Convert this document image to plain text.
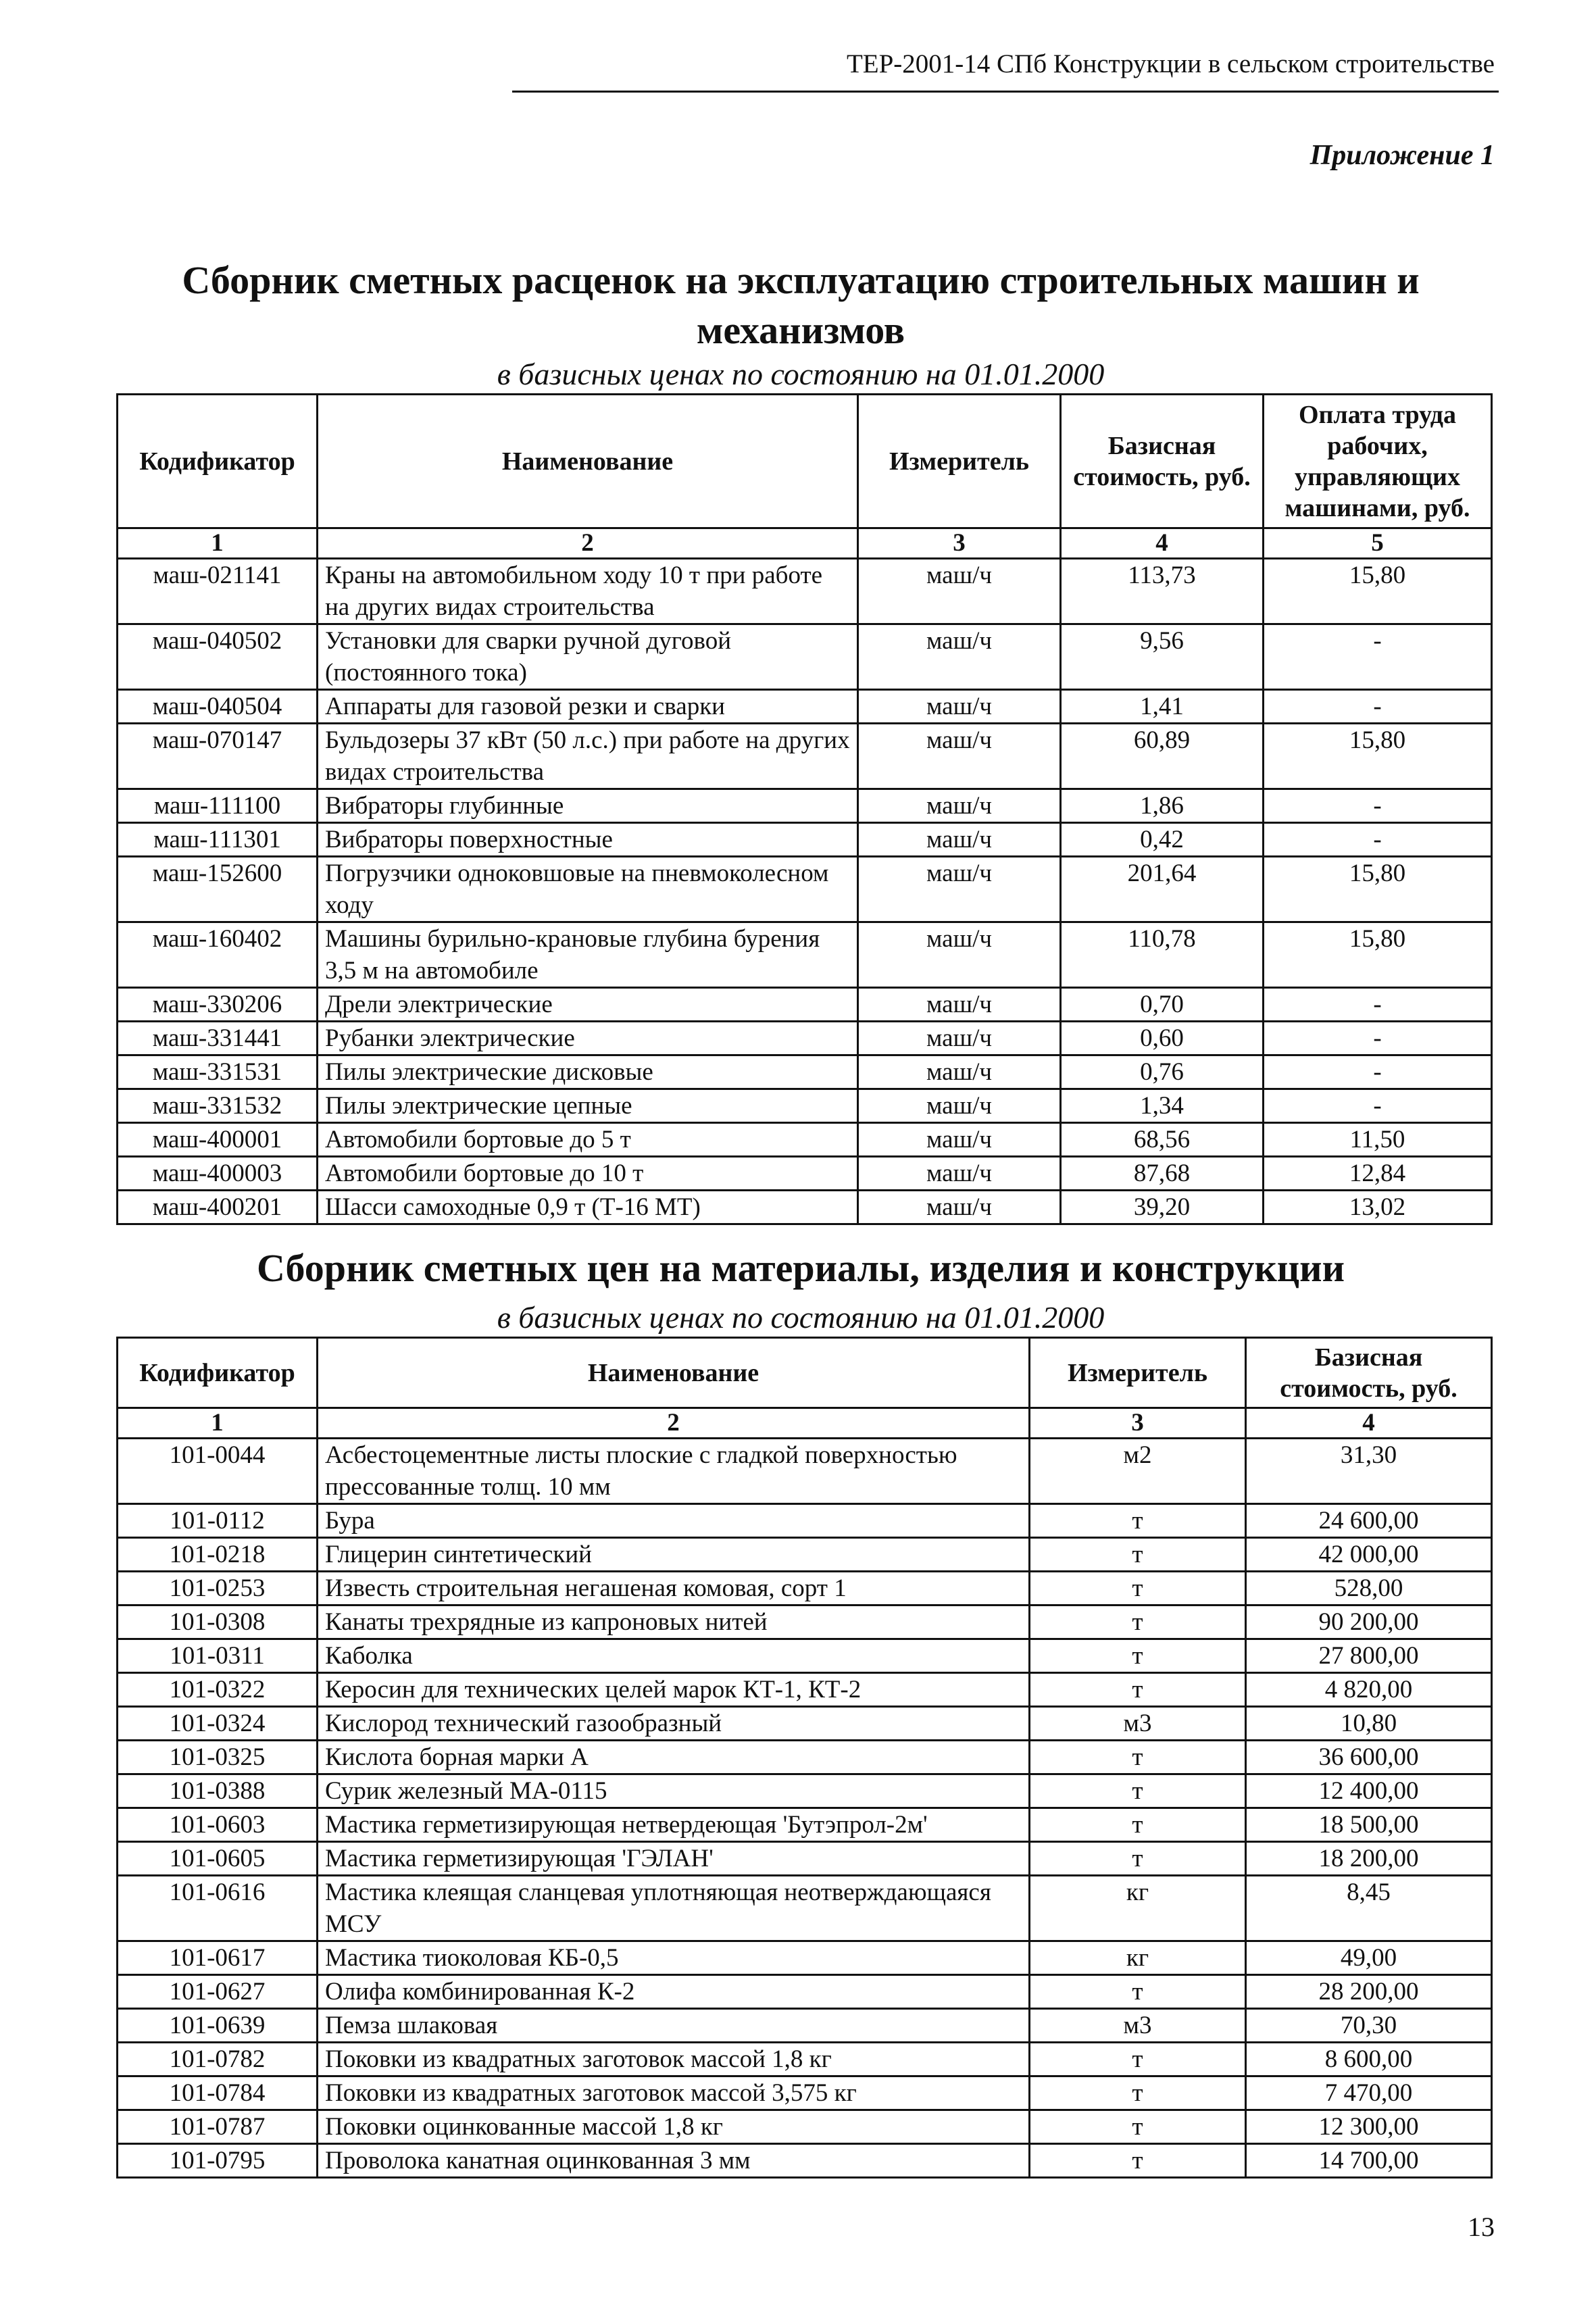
ТЕР-2001-14 СПб Конструкции в сельском строительстве
Приложение 1
Сборник сметных расценок на эксплуатацию строительных машин и
механизмов
в базисных ценах по состоянию на 01.01.2000
Кодификатор	Наименование	Измеритель	Базисная стоимость, руб.	Оплата труда рабочих, управляющих машинами, руб.
1	2	3	4	5
маш-021141	Краны на автомобильном ходу 10 т при работе на других видах строительства	маш/ч	113,73	15,80
маш-040502	Установки для сварки ручной дуговой (постоянного тока)	маш/ч	9,56	-
маш-040504	Аппараты для газовой резки и сварки	маш/ч	1,41	-
маш-070147	Бульдозеры 37 кВт (50 л.с.) при работе на других видах строительства	маш/ч	60,89	15,80
маш-111100	Вибраторы глубинные	маш/ч	1,86	-
маш-111301	Вибраторы поверхностные	маш/ч	0,42	-
маш-152600	Погрузчики одноковшовые на пневмоколесном ходу	маш/ч	201,64	15,80
маш-160402	Машины бурильно-крановые глубина бурения 3,5 м на автомобиле	маш/ч	110,78	15,80
маш-330206	Дрели электрические	маш/ч	0,70	-
маш-331441	Рубанки электрические	маш/ч	0,60	-
маш-331531	Пилы электрические дисковые	маш/ч	0,76	-
маш-331532	Пилы электрические цепные	маш/ч	1,34	-
маш-400001	Автомобили бортовые до 5 т	маш/ч	68,56	11,50
маш-400003	Автомобили бортовые до 10 т	маш/ч	87,68	12,84
маш-400201	Шасси самоходные 0,9 т (Т-16 МТ)	маш/ч	39,20	13,02
Сборник сметных цен на материалы, изделия и конструкции
в базисных ценах по состоянию на 01.01.2000
Кодификатор	Наименование	Измеритель	Базисная стоимость, руб.
1	2	3	4
101-0044	Асбестоцементные листы плоские с гладкой поверхностью прессованные толщ. 10 мм	м2	31,30
101-0112	Бура	т	24 600,00
101-0218	Глицерин синтетический	т	42 000,00
101-0253	Известь строительная негашеная комовая, сорт 1	т	528,00
101-0308	Канаты трехрядные из капроновых нитей	т	90 200,00
101-0311	Каболка	т	27 800,00
101-0322	Керосин для технических целей марок КТ-1, КТ-2	т	4 820,00
101-0324	Кислород технический газообразный	м3	10,80
101-0325	Кислота борная марки А	т	36 600,00
101-0388	Сурик железный МА-0115	т	12 400,00
101-0603	Мастика герметизирующая нетвердеющая 'Бутэпрол-2м'	т	18 500,00
101-0605	Мастика герметизирующая 'ГЭЛАН'	т	18 200,00
101-0616	Мастика клеящая сланцевая уплотняющая неотверждающаяся МСУ	кг	8,45
101-0617	Мастика тиоколовая КБ-0,5	кг	49,00
101-0627	Олифа комбинированная К-2	т	28 200,00
101-0639	Пемза шлаковая	м3	70,30
101-0782	Поковки из квадратных заготовок массой 1,8 кг	т	8 600,00
101-0784	Поковки из квадратных заготовок массой 3,575 кг	т	7 470,00
101-0787	Поковки оцинкованные массой 1,8 кг	т	12 300,00
101-0795	Проволока канатная оцинкованная 3 мм	т	14 700,00
13
